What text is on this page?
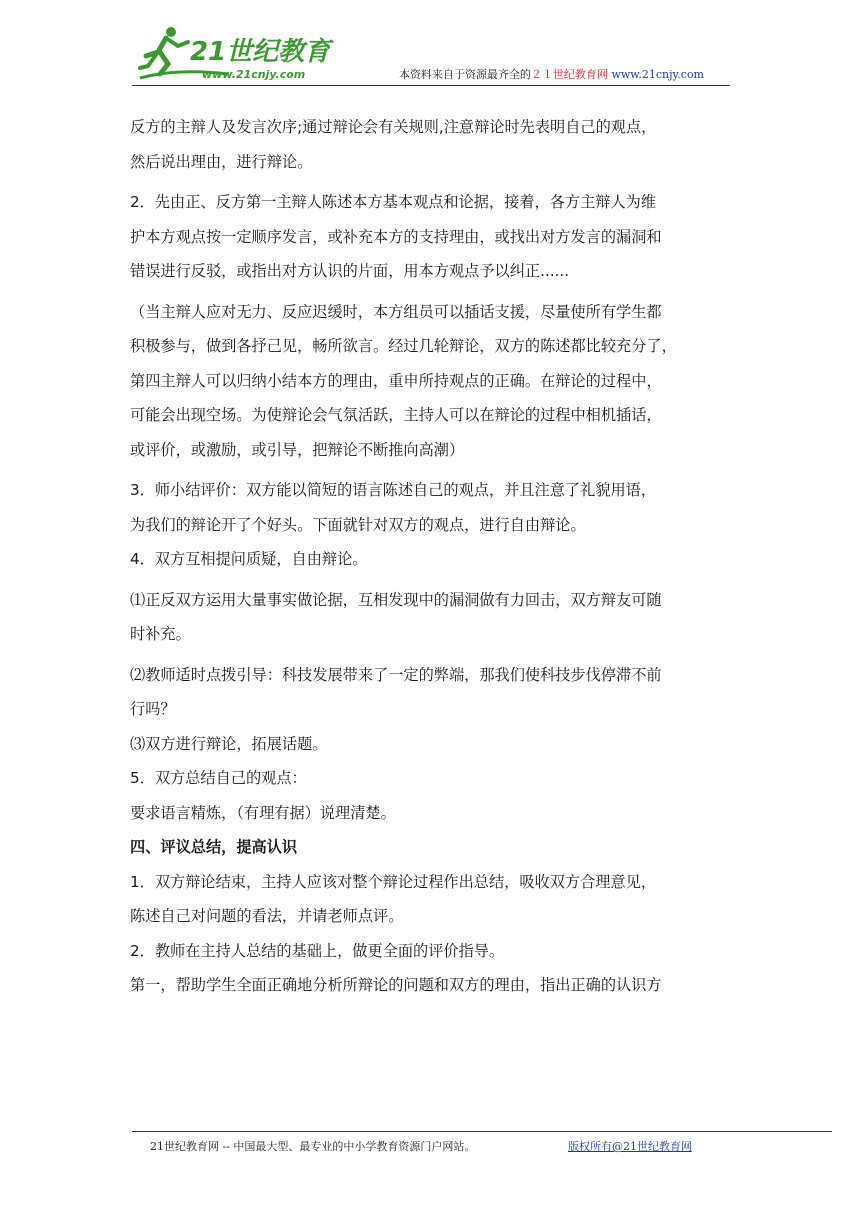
21世纪教育
www.21cnjy.com	本资料来自于资源最齐全的２１世纪教育网 www.21cnjy.com
反方的主辩人及发言次序;通过辩论会有关规则,注意辩论时先表明自己的观点，
然后说出理由，进行辩论。
2．先由正、反方第一主辩人陈述本方基本观点和论据，接着，各方主辩人为维
护本方观点按一定顺序发言，或补充本方的支持理由，或找出对方发言的漏洞和
错误进行反驳，或指出对方认识的片面，用本方观点予以纠正......
（当主辩人应对无力、反应迟缓时，本方组员可以插话支援，尽量使所有学生都
积极参与，做到各抒己见，畅所欲言。经过几轮辩论，双方的陈述都比较充分了，
第四主辩人可以归纳小结本方的理由，重申所持观点的正确。在辩论的过程中，
可能会出现空场。为使辩论会气氛活跃，主持人可以在辩论的过程中相机插话，
或评价，或激励，或引导，把辩论不断推向高潮）
3．师小结评价：双方能以简短的语言陈述自己的观点，并且注意了礼貌用语，
为我们的辩论开了个好头。下面就针对双方的观点，进行自由辩论。
4．双方互相提问质疑，自由辩论。
⑴正反双方运用大量事实做论据，互相发现中的漏洞做有力回击，双方辩友可随
时补充。
⑵教师适时点拨引导：科技发展带来了一定的弊端，那我们使科技步伐停滞不前
行吗？
⑶双方进行辩论，拓展话题。
5．双方总结自己的观点：
要求语言精炼，（有理有据）说理清楚。
四、评议总结，提高认识
1．双方辩论结束，主持人应该对整个辩论过程作出总结，吸收双方合理意见，
陈述自己对问题的看法，并请老师点评。
2．教师在主持人总结的基础上，做更全面的评价指导。
第一，帮助学生全面正确地分析所辩论的问题和双方的理由，指出正确的认识方
21世纪教育网 -- 中国最大型、最专业的中小学教育资源门户网站。	版权所有@21世纪教育网
